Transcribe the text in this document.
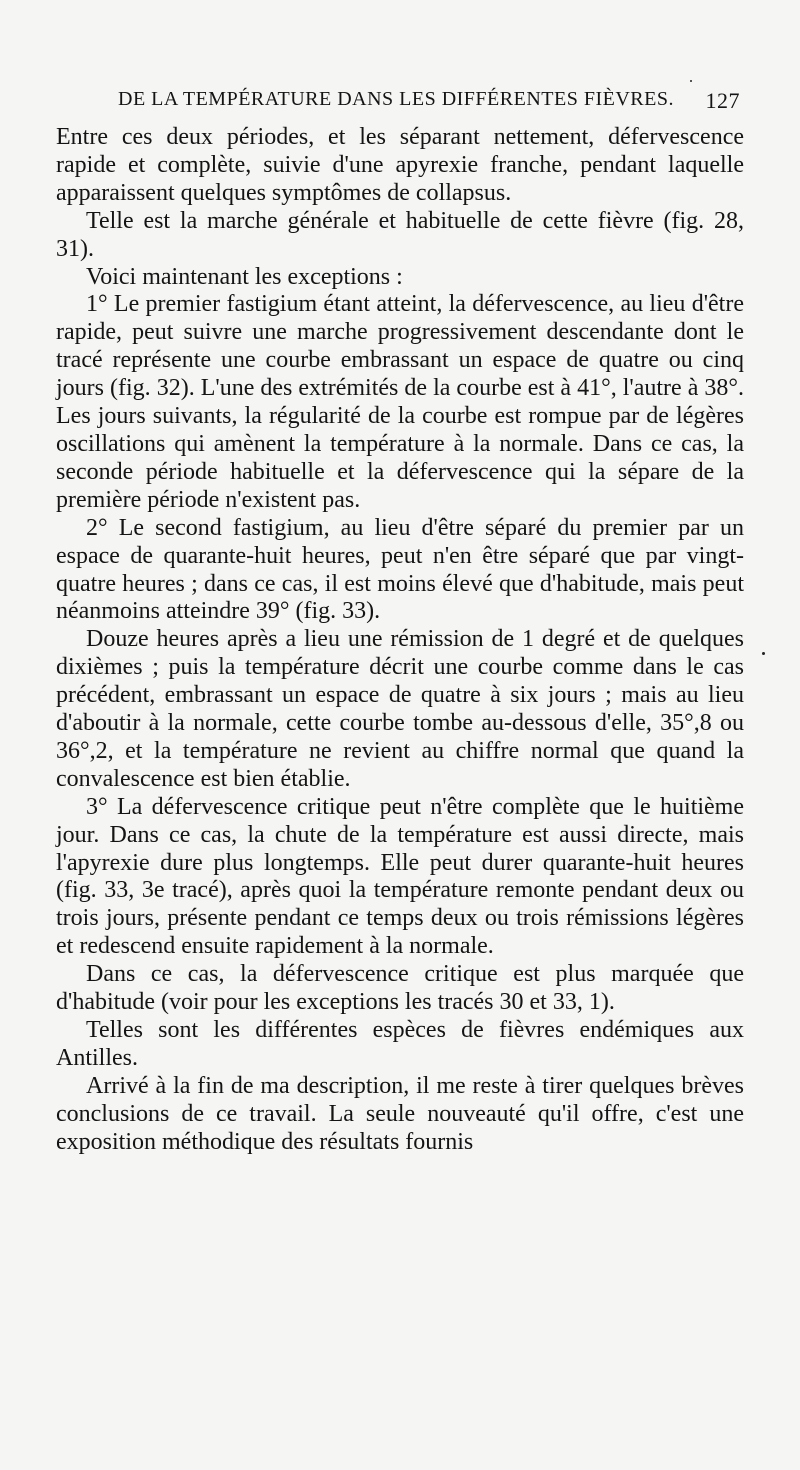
DE LA TEMPÉRATURE DANS LES DIFFÉRENTES FIÈVRES. 127

Entre ces deux périodes, et les séparant nettement, défervescence rapide et complète, suivie d'une apyrexie franche, pendant laquelle apparaissent quelques symptômes de collapsus.

Telle est la marche générale et habituelle de cette fièvre (fig. 28, 31).

Voici maintenant les exceptions :

1° Le premier fastigium étant atteint, la défervescence, au lieu d'être rapide, peut suivre une marche progressivement descendante dont le tracé représente une courbe embrassant un espace de quatre ou cinq jours (fig. 32). L'une des extrémités de la courbe est à 41°, l'autre à 38°. Les jours suivants, la régularité de la courbe est rompue par de légères oscillations qui amènent la température à la normale. Dans ce cas, la seconde période habituelle et la défervescence qui la sépare de la première période n'existent pas.

2° Le second fastigium, au lieu d'être séparé du premier par un espace de quarante-huit heures, peut n'en être séparé que par vingt-quatre heures ; dans ce cas, il est moins élevé que d'habitude, mais peut néanmoins atteindre 39° (fig. 33).

Douze heures après a lieu une rémission de 1 degré et de quelques dixièmes ; puis la température décrit une courbe comme dans le cas précédent, embrassant un espace de quatre à six jours ; mais au lieu d'aboutir à la normale, cette courbe tombe au-dessous d'elle, 35°,8 ou 36°,2, et la température ne revient au chiffre normal que quand la convalescence est bien établie.

3° La défervescence critique peut n'être complète que le huitième jour. Dans ce cas, la chute de la température est aussi directe, mais l'apyrexie dure plus longtemps. Elle peut durer quarante-huit heures (fig. 33, 3e tracé), après quoi la température remonte pendant deux ou trois jours, présente pendant ce temps deux ou trois rémissions légères et redescend ensuite rapidement à la normale.

Dans ce cas, la défervescence critique est plus marquée que d'habitude (voir pour les exceptions les tracés 30 et 33, 1).

Telles sont les différentes espèces de fièvres endémiques aux Antilles.

Arrivé à la fin de ma description, il me reste à tirer quelques brèves conclusions de ce travail. La seule nouveauté qu'il offre, c'est une exposition méthodique des résultats fournis
